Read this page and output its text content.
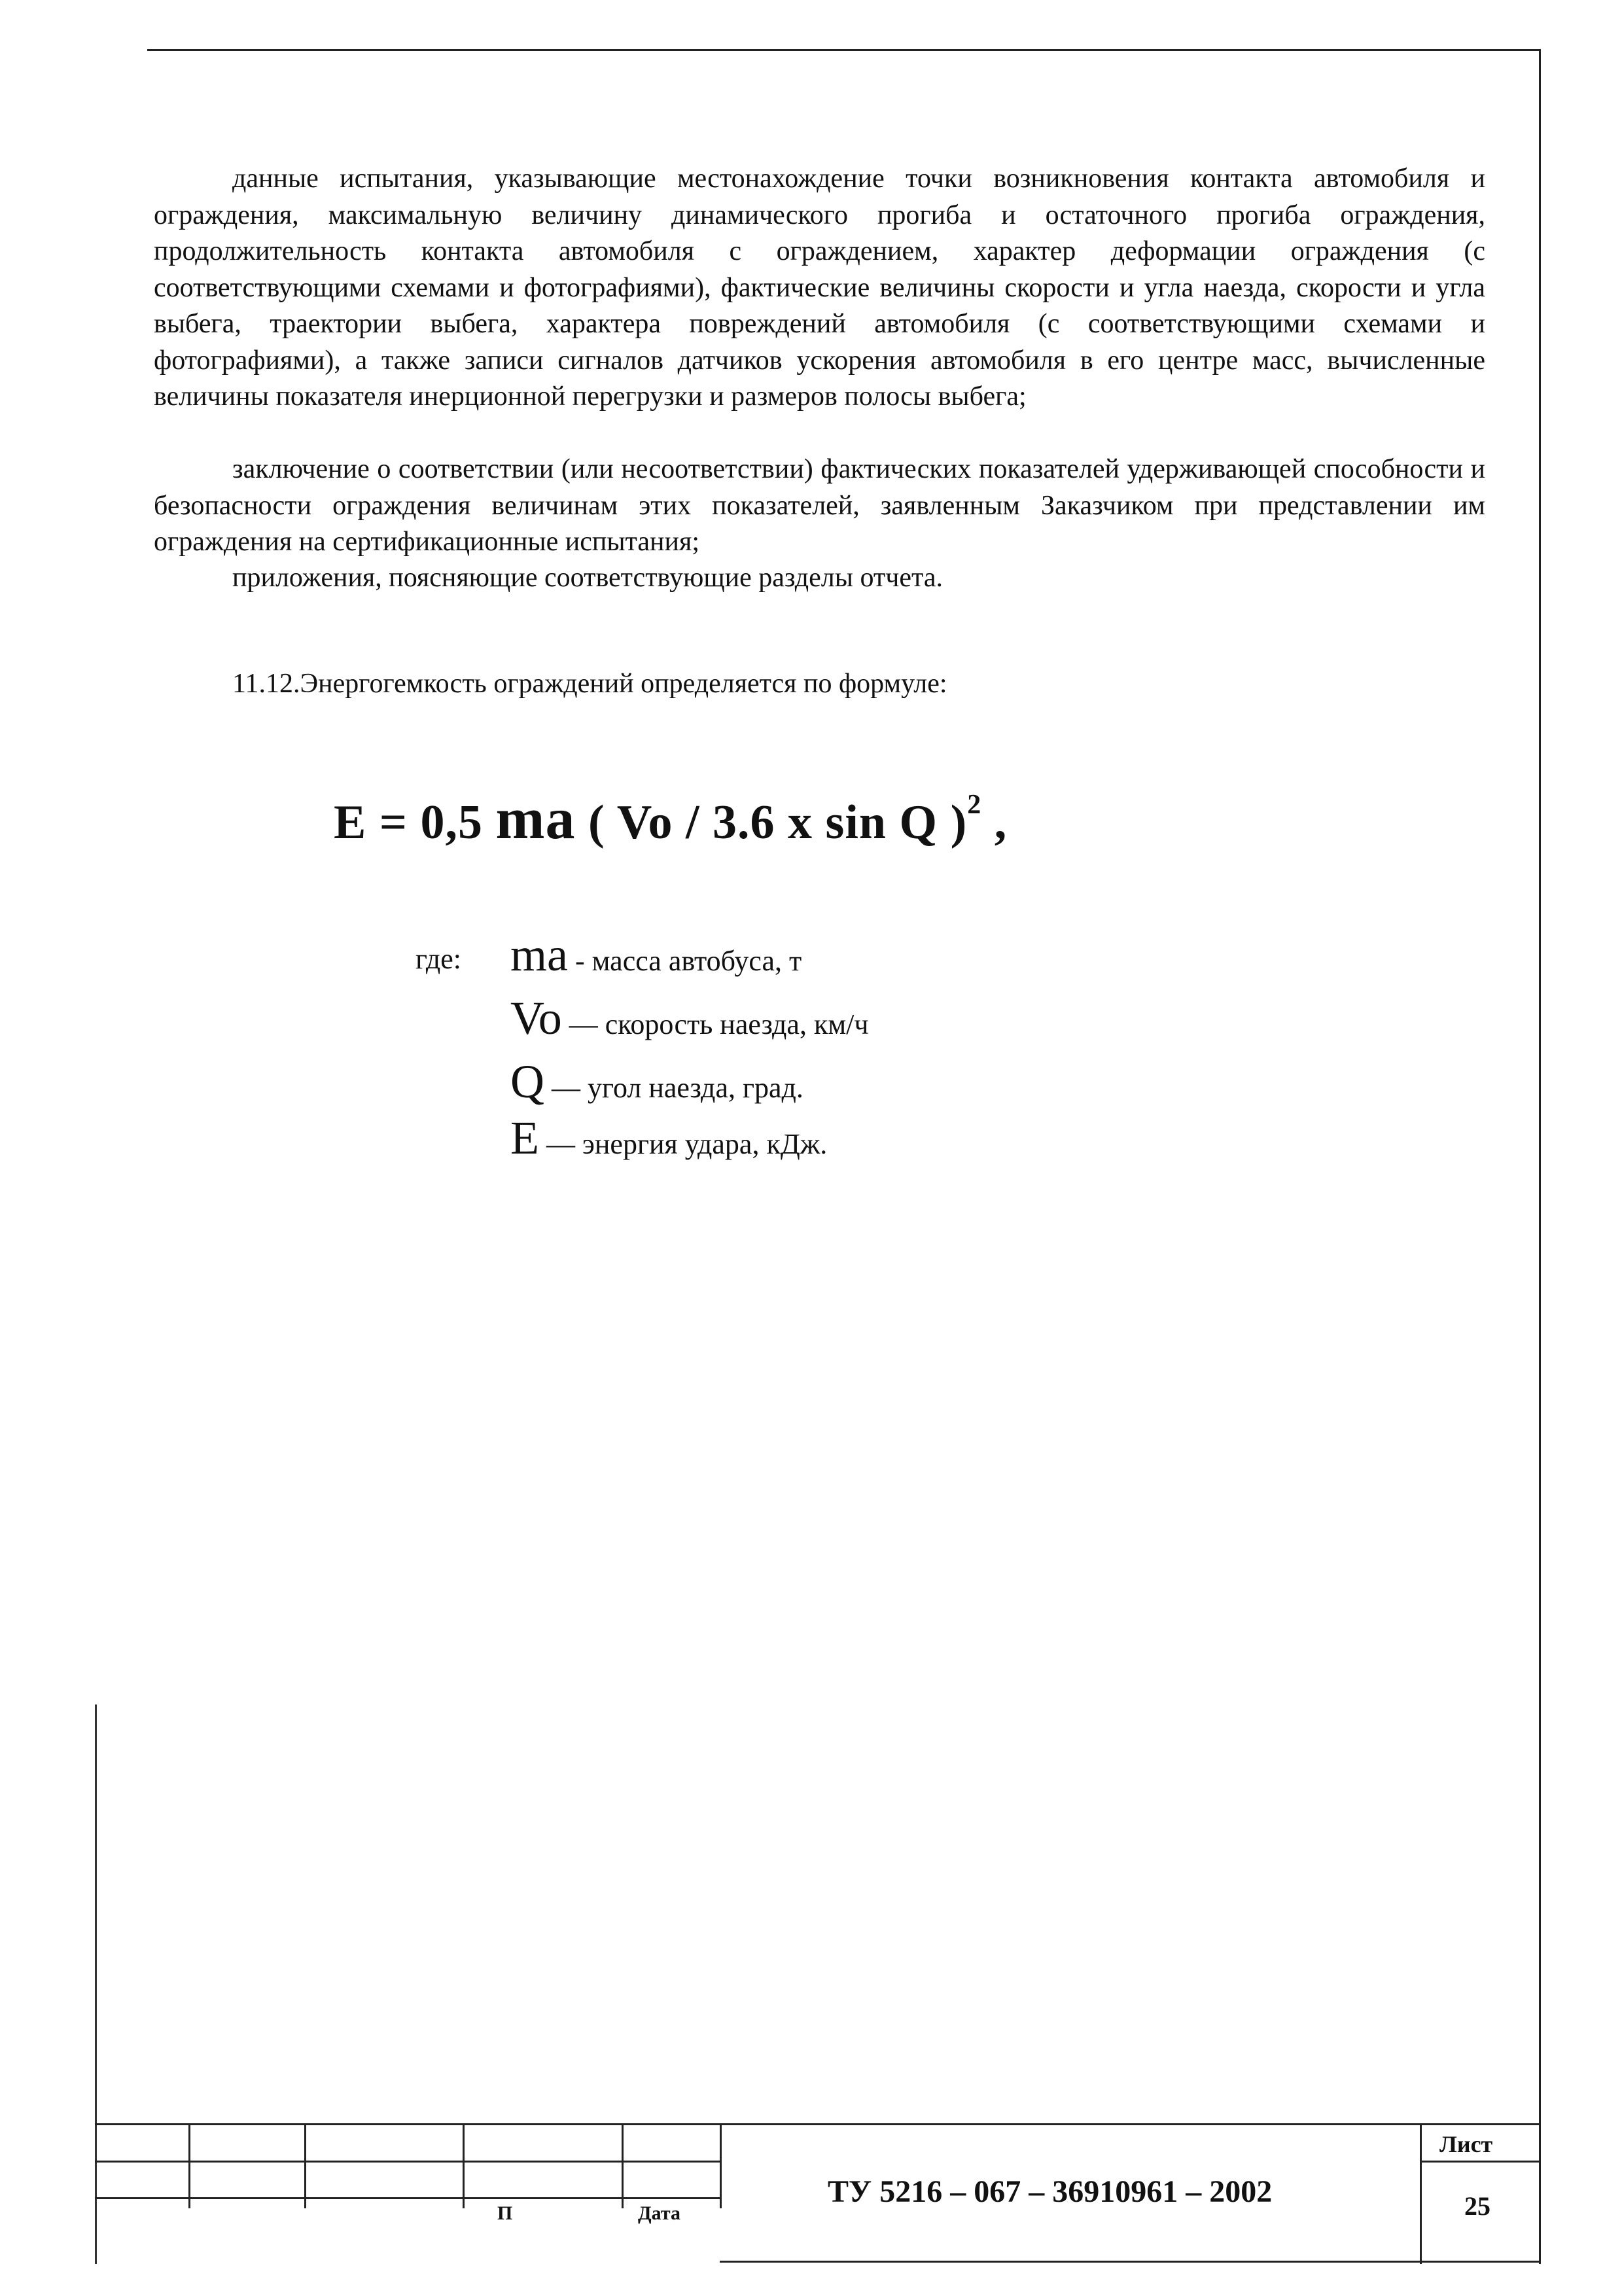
данные испытания, указывающие местонахождение точки возникновения контакта автомобиля и ограждения, максимальную величину динамического прогиба и остаточного прогиба ограждения, продолжительность контакта автомобиля с ограждением, характер деформации ограждения (с соответствующими схемами и фотографиями), фактические величины скорости и угла наезда, скорости и угла выбега, траектории выбега, характера повреждений автомобиля (с соответствующими схемами и фотографиями), а также записи сигналов датчиков ускорения автомобиля в его центре масс, вычисленные величины показателя инерционной перегрузки и размеров полосы выбега;
заключение о соответствии (или несоответствии) фактических показателей удерживающей способности и безопасности ограждения величинам этих показателей, заявленным Заказчиком при представлении им ограждения на сертификационные испытания;
приложения, поясняющие соответствующие разделы отчета.
11.12.Энергогемкость ограждений определяется по формуле:
E = 0,5 ma ( Vo / 3.6 x sin Q )$^2$ ,
где: ma - масса автобуса, т
Vo — скорость наезда, км/ч
Q — угол наезда, град.
E — энергия удара, кДж.
П	Дата
ТУ 5216 – 067 – 36910961 – 2002
Лист
25
